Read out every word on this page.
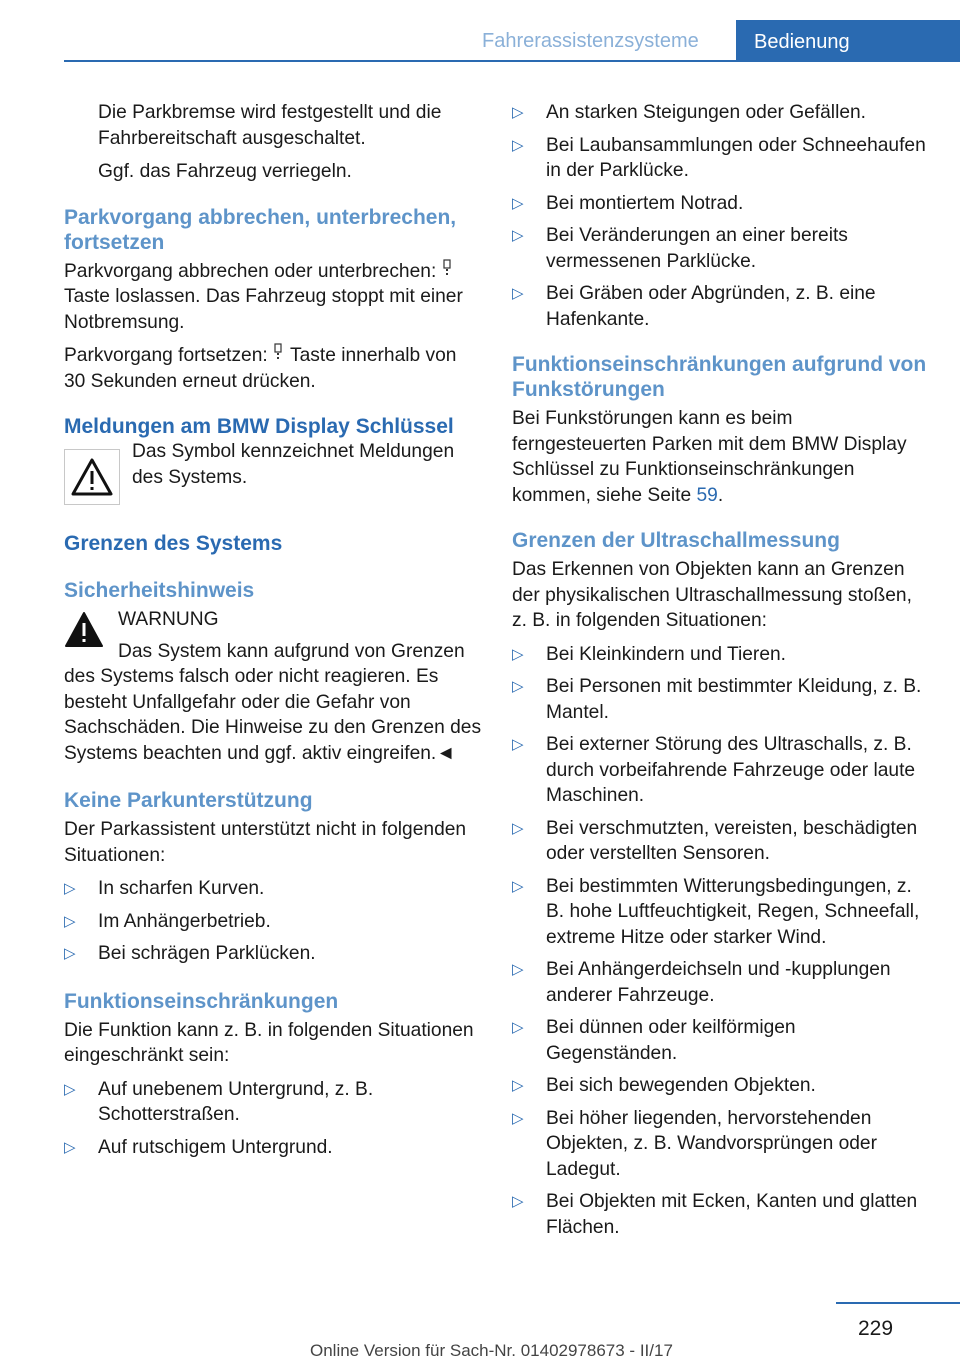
Fahrerassistenzsysteme	Bedienung

Die Parkbremse wird festgestellt und die Fahrbereitschaft ausgeschaltet.

Ggf. das Fahrzeug verriegeln.

Parkvorgang abbrechen, unterbrechen, fortsetzen

Parkvorgang abbrechen oder unterbrechen:  Taste loslassen. Das Fahrzeug stoppt mit einer Notbremsung.

Parkvorgang fortsetzen: Taste innerhalb von 30 Sekunden erneut drücken.

Meldungen am BMW Display Schlüssel

Das Symbol kennzeichnet Meldungen des Systems.

Grenzen des Systems
Sicherheitshinweis

WARNUNG

Das System kann aufgrund von Grenzen

des Systems falsch oder nicht reagieren. Es besteht Unfallgefahr oder die Gefahr von Sachschäden. Die Hinweise zu den Grenzen des Systems beachten und ggf. aktiv eingreifen.◄

Keine Parkunterstützung

Der Parkassistent unterstützt nicht in folgenden Situationen:

▷	In scharfen Kurven.
▷	Im Anhängerbetrieb.
▷	Bei schrägen Parklücken.
Funktionseinschränkungen

Die Funktion kann z. B. in folgenden Situationen eingeschränkt sein:

▷	Auf unebenem Untergrund, z. B. Schotterstraßen.
▷	Auf rutschigem Untergrund.
▷	An starken Steigungen oder Gefällen.
▷	Bei Laubansammlungen oder Schneehaufen in der Parklücke.
▷	Bei montiertem Notrad.
▷	Bei Veränderungen an einer bereits vermessenen Parklücke.
▷	Bei Gräben oder Abgründen, z. B. eine Hafenkante.
Funktionseinschränkungen aufgrund von Funkstörungen

Bei Funkstörungen kann es beim ferngesteuerten Parken mit dem BMW Display Schlüssel zu Funktionseinschränkungen kommen, siehe Seite 59.

Grenzen der Ultraschallmessung

Das Erkennen von Objekten kann an Grenzen der physikalischen Ultraschallmessung stoßen, z. B. in folgenden Situationen:

▷	Bei Kleinkindern und Tieren.
▷	Bei Personen mit bestimmter Kleidung, z. B. Mantel.
▷	Bei externer Störung des Ultraschalls, z. B. durch vorbeifahrende Fahrzeuge oder laute Maschinen.
▷	Bei verschmutzten, vereisten, beschädigten oder verstellten Sensoren.
▷	Bei bestimmten Witterungsbedingungen, z. B. hohe Luftfeuchtigkeit, Regen, Schneefall, extreme Hitze oder starker Wind.
▷	Bei Anhängerdeichseln und -kupplungen anderer Fahrzeuge.
▷	Bei dünnen oder keilförmigen Gegenständen.
▷	Bei sich bewegenden Objekten.
▷	Bei höher liegenden, hervorstehenden Objekten, z. B. Wandvorsprüngen oder Ladegut.
▷	Bei Objekten mit Ecken, Kanten und glatten Flächen.
229
Online Version für Sach-Nr. 01402978673 - II/17
